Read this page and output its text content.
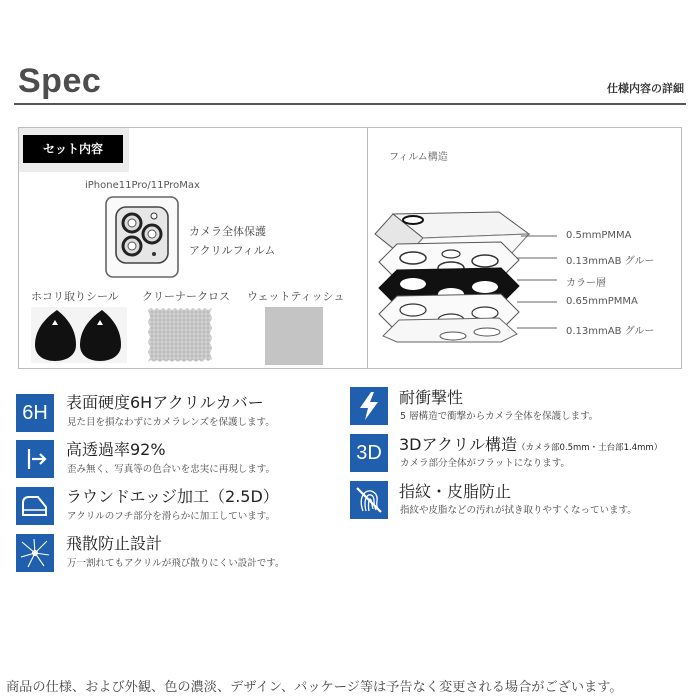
Spec	仕様内容の詳細
セット内容
iPhone11Pro/11ProMax
カメラ全体保護
アクリルフィルム
ホコリ取りシール クリーナークロス ウェットティッシュ
フィルム構造
0.5mmPMMA
0.13mmAB グルー
カラー層
0.65mmPMMA
0.13mmAB グルー
6H 表面硬度6Hアクリルカバー
見た目を損なわずにカメラレンズを保護します。
高透過率92%
歪み無く、写真等の色合いを忠実に再現します。
ラウンドエッジ加工（2.5D）
アクリルのフチ部分を滑らかに加工しています。
飛散防止設計
万一割れてもアクリルが飛び散りにくい設計です。
耐衝撃性
5 層構造で衝撃からカメラ全体を保護します。
3D 3Dアクリル構造（カメラ部0.5mm・土台部1.4mm）
カメラ部分全体がフラットになります。
指紋・皮脂防止
指紋や皮脂などの汚れが拭き取りやすくなっています。
商品の仕様、および外観、色の濃淡、デザイン、パッケージ等は予告なく変更される場合がございます。
